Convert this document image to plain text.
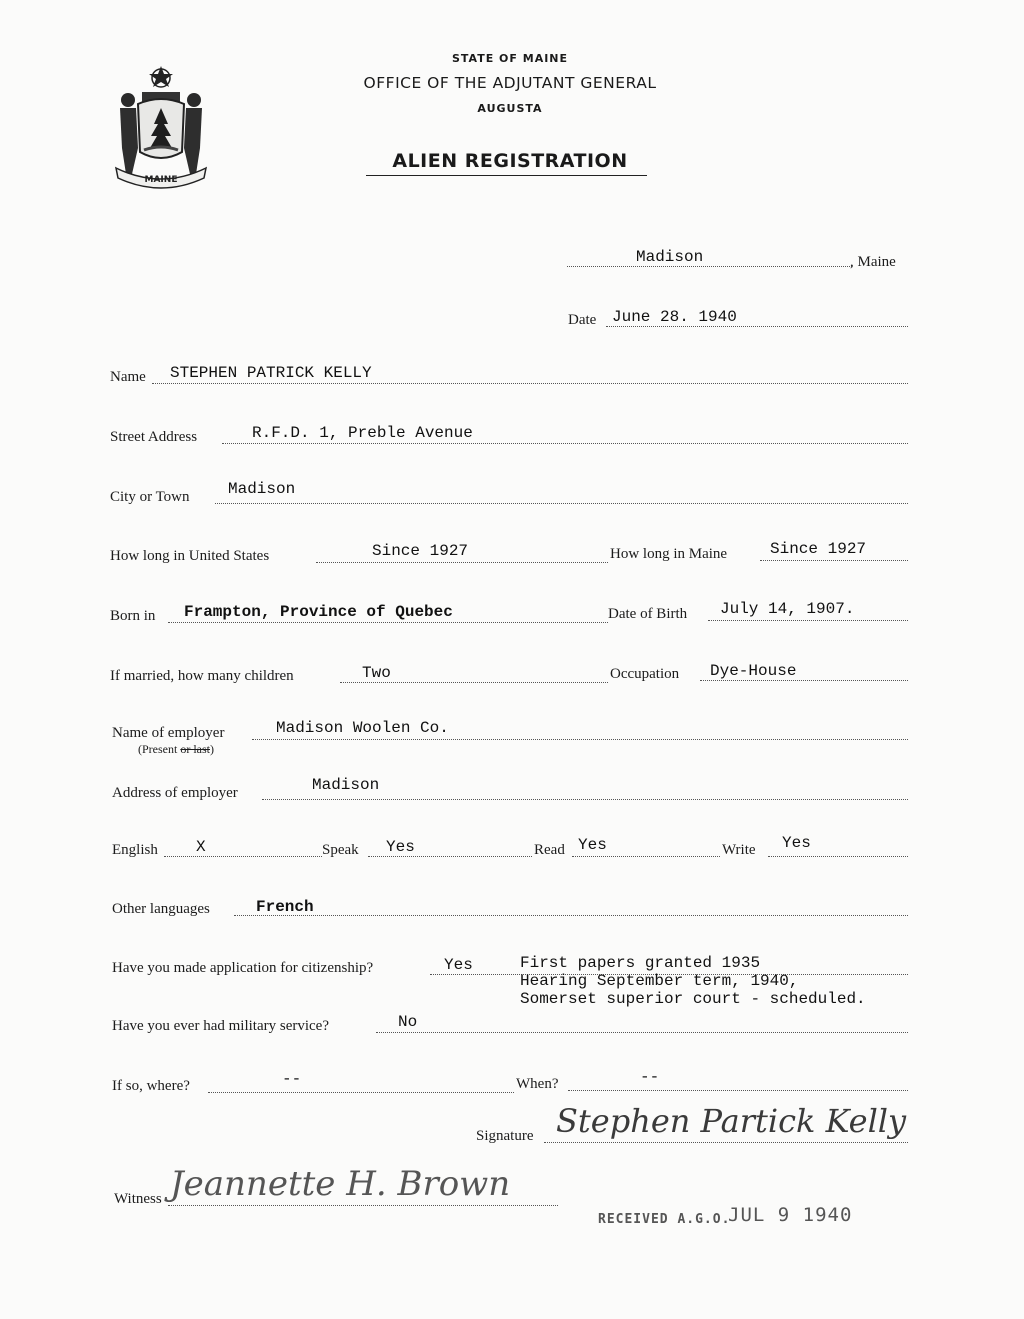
MAINE
STATE OF MAINE
OFFICE OF THE ADJUTANT GENERAL
AUGUSTA
ALIEN REGISTRATION
Madison	, Maine
Date June 28. 1940
Name STEPHEN PATRICK KELLY
Street Address	R.F.D. 1, Preble Avenue
City or Town Madison
How long in United States	Since 1927	How long in Maine	Since 1927
Born in Frampton, Province of Quebec	Date of Birth July 14, 1907.
If married, how many children	Two	Occupation Dye-House
Name of employer
(Present or last)
Madison Woolen Co.
Address of employer	Madison
English X	Speak Yes	Read Yes	Write Yes
Other languages	French
Have you made application for citizenship?	Yes	First papers granted 1935
Hearing September term, 1940,
Somerset superior court - scheduled.
Have you ever had military service?	No
If so, where?	--	When?	--
Signature Stephen Partick Kelly
Witness Jeannette H. Brown
RECEIVED A.G.O.
JUL 9 1940
